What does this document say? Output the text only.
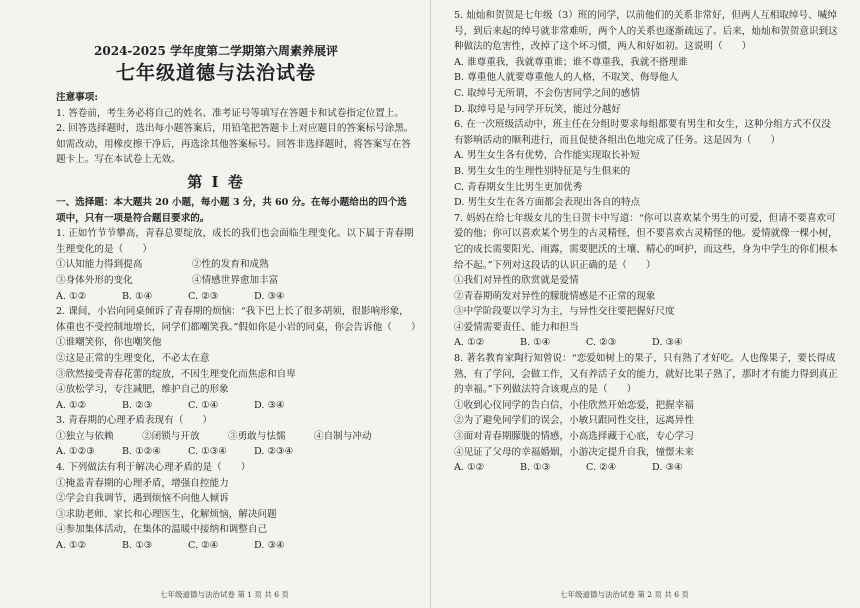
2024-2025 学年度第二学期第六周素养展评
七年级道德与法治试卷
注意事项:

1. 答卷前，考生务必将自己的姓名、准考证号等填写在答题卡和试卷指定位置上。

2. 回答选择题时，选出每小题答案后，用铅笔把答题卡上对应题目的答案标号涂黑。如需改动，用橡皮擦干净后，再选涂其他答案标号。回答非选择题时，将答案写在答题卡上。写在本试卷上无效。

第 I 卷

一、选择题：本大题共 20 小题，每小题 3 分，共 60 分。在每小题给出的四个选项中，只有一项是符合题目要求的。

1. 正如竹节节攀高，青春总要绽放，成长的我们也会面临生理变化。以下属于青春期生理变化的是（　　）

①认知能力得到提高	②性的发育和成熟
③身体外形的变化	④情感世界愈加丰富
A. ①②	B. ①④	C. ②③	D. ③④

2. 课间，小岩向同桌倾诉了青春期的烦恼：“我下巴上长了很多胡须，很影响形象，体重也不受控制地增长，同学们都嘲笑我。”假如你是小岩的同桌，你会告诉他（　　）

①谁嘲笑你，你也嘲笑他

②这是正常的生理变化，不必太在意

③欣然接受青春花蕾的绽放，不因生理变化而焦虑和自卑

④放松学习，专注减肥，维护自己的形象

A. ①②	B. ②③	C. ①④	D. ③④

3. 青春期的心理矛盾表现有（　　）

①独立与依赖	②闭锁与开放	③勇敢与怯懦	④自制与冲动
A. ①②③	B. ①②④	C. ①③④	D. ②③④

4. 下列做法有利于解决心理矛盾的是（　　）

①掩盖青春期的心理矛盾，增强自控能力

②学会自我调节，遇到烦恼不向他人倾诉

③求助老师、家长和心理医生，化解烦恼，解决问题

④参加集体活动，在集体的温暖中接纳和调整自己

A. ①②	B. ①③	C. ②④	D. ③④

5. 灿灿和贺贺是七年级（3）班的同学，以前他们的关系非常好，但两人互相取绰号、喊绰号，到后来起的绰号就非常难听，两个人的关系也逐渐疏远了。后来，灿灿和贺贺意识到这种做法的危害性，改掉了这个坏习惯，两人和好如初。这说明（　　）

A. 谁尊重我，我就尊重谁；谁不尊重我，我就不搭理谁

B. 尊重他人就要尊重他人的人格，不取笑、侮辱他人

C. 取绰号无所谓，不会伤害同学之间的感情

D. 取绰号是与同学开玩笑，能过分越好

6. 在一次班级活动中，班主任在分组时要求每组都要有男生和女生，这种分组方式不仅没有影响活动的顺利进行，而且促使各组出色地完成了任务。这是因为（　　）

A. 男生女生各有优势，合作能实现取长补短

B. 男生女生的生理性别特征是与生俱来的

C. 青春期女生比男生更加优秀

D. 男生女生在各方面都会表现出各自的特点

7. 妈妈在给七年级女儿的生日贺卡中写道：“你可以喜欢某个男生的可爱，但请不要喜欢可爱的他；你可以喜欢某个男生的古灵精怪，但不要喜欢古灵精怪的他。爱情就像一棵小树，它的成长需要阳光、雨露，需要肥沃的土壤、精心的呵护，而这些，身为中学生的你们根本给不起。”下列对这段话的认识正确的是（　　）

①我们对异性的欣赏就是爱情

②青春期萌发对异性的朦胧情感是不正常的现象

③中学阶段要以学习为主，与异性交往要把握好尺度

④爱情需要责任、能力和担当

A. ①②	B. ①④	C. ②③	D. ③④

8. 著名教育家陶行知曾说：“恋爱如树上的果子，只有熟了才好吃。人也像果子，要长得成熟，有了学问，会做工作，又有养活子女的能力，就好比果子熟了，那时才有能力得到真正的幸福。”下列做法符合该观点的是（　　）

①收到心仪同学的告白信，小佳欣然开始恋爱，把握幸福

②为了避免同学们的误会，小敏只跟同性交往，远离异性

③面对青春期朦胧的情感，小高选择藏于心底，专心学习

④见证了父母的幸福婚姻，小游决定提升自我，憧憬未来

A. ①②	B. ①③	C. ②④	D. ③④
七年级道德与法治试卷 第 1 页 共 6 页	七年级道德与法治试卷 第 2 页 共 6 页
